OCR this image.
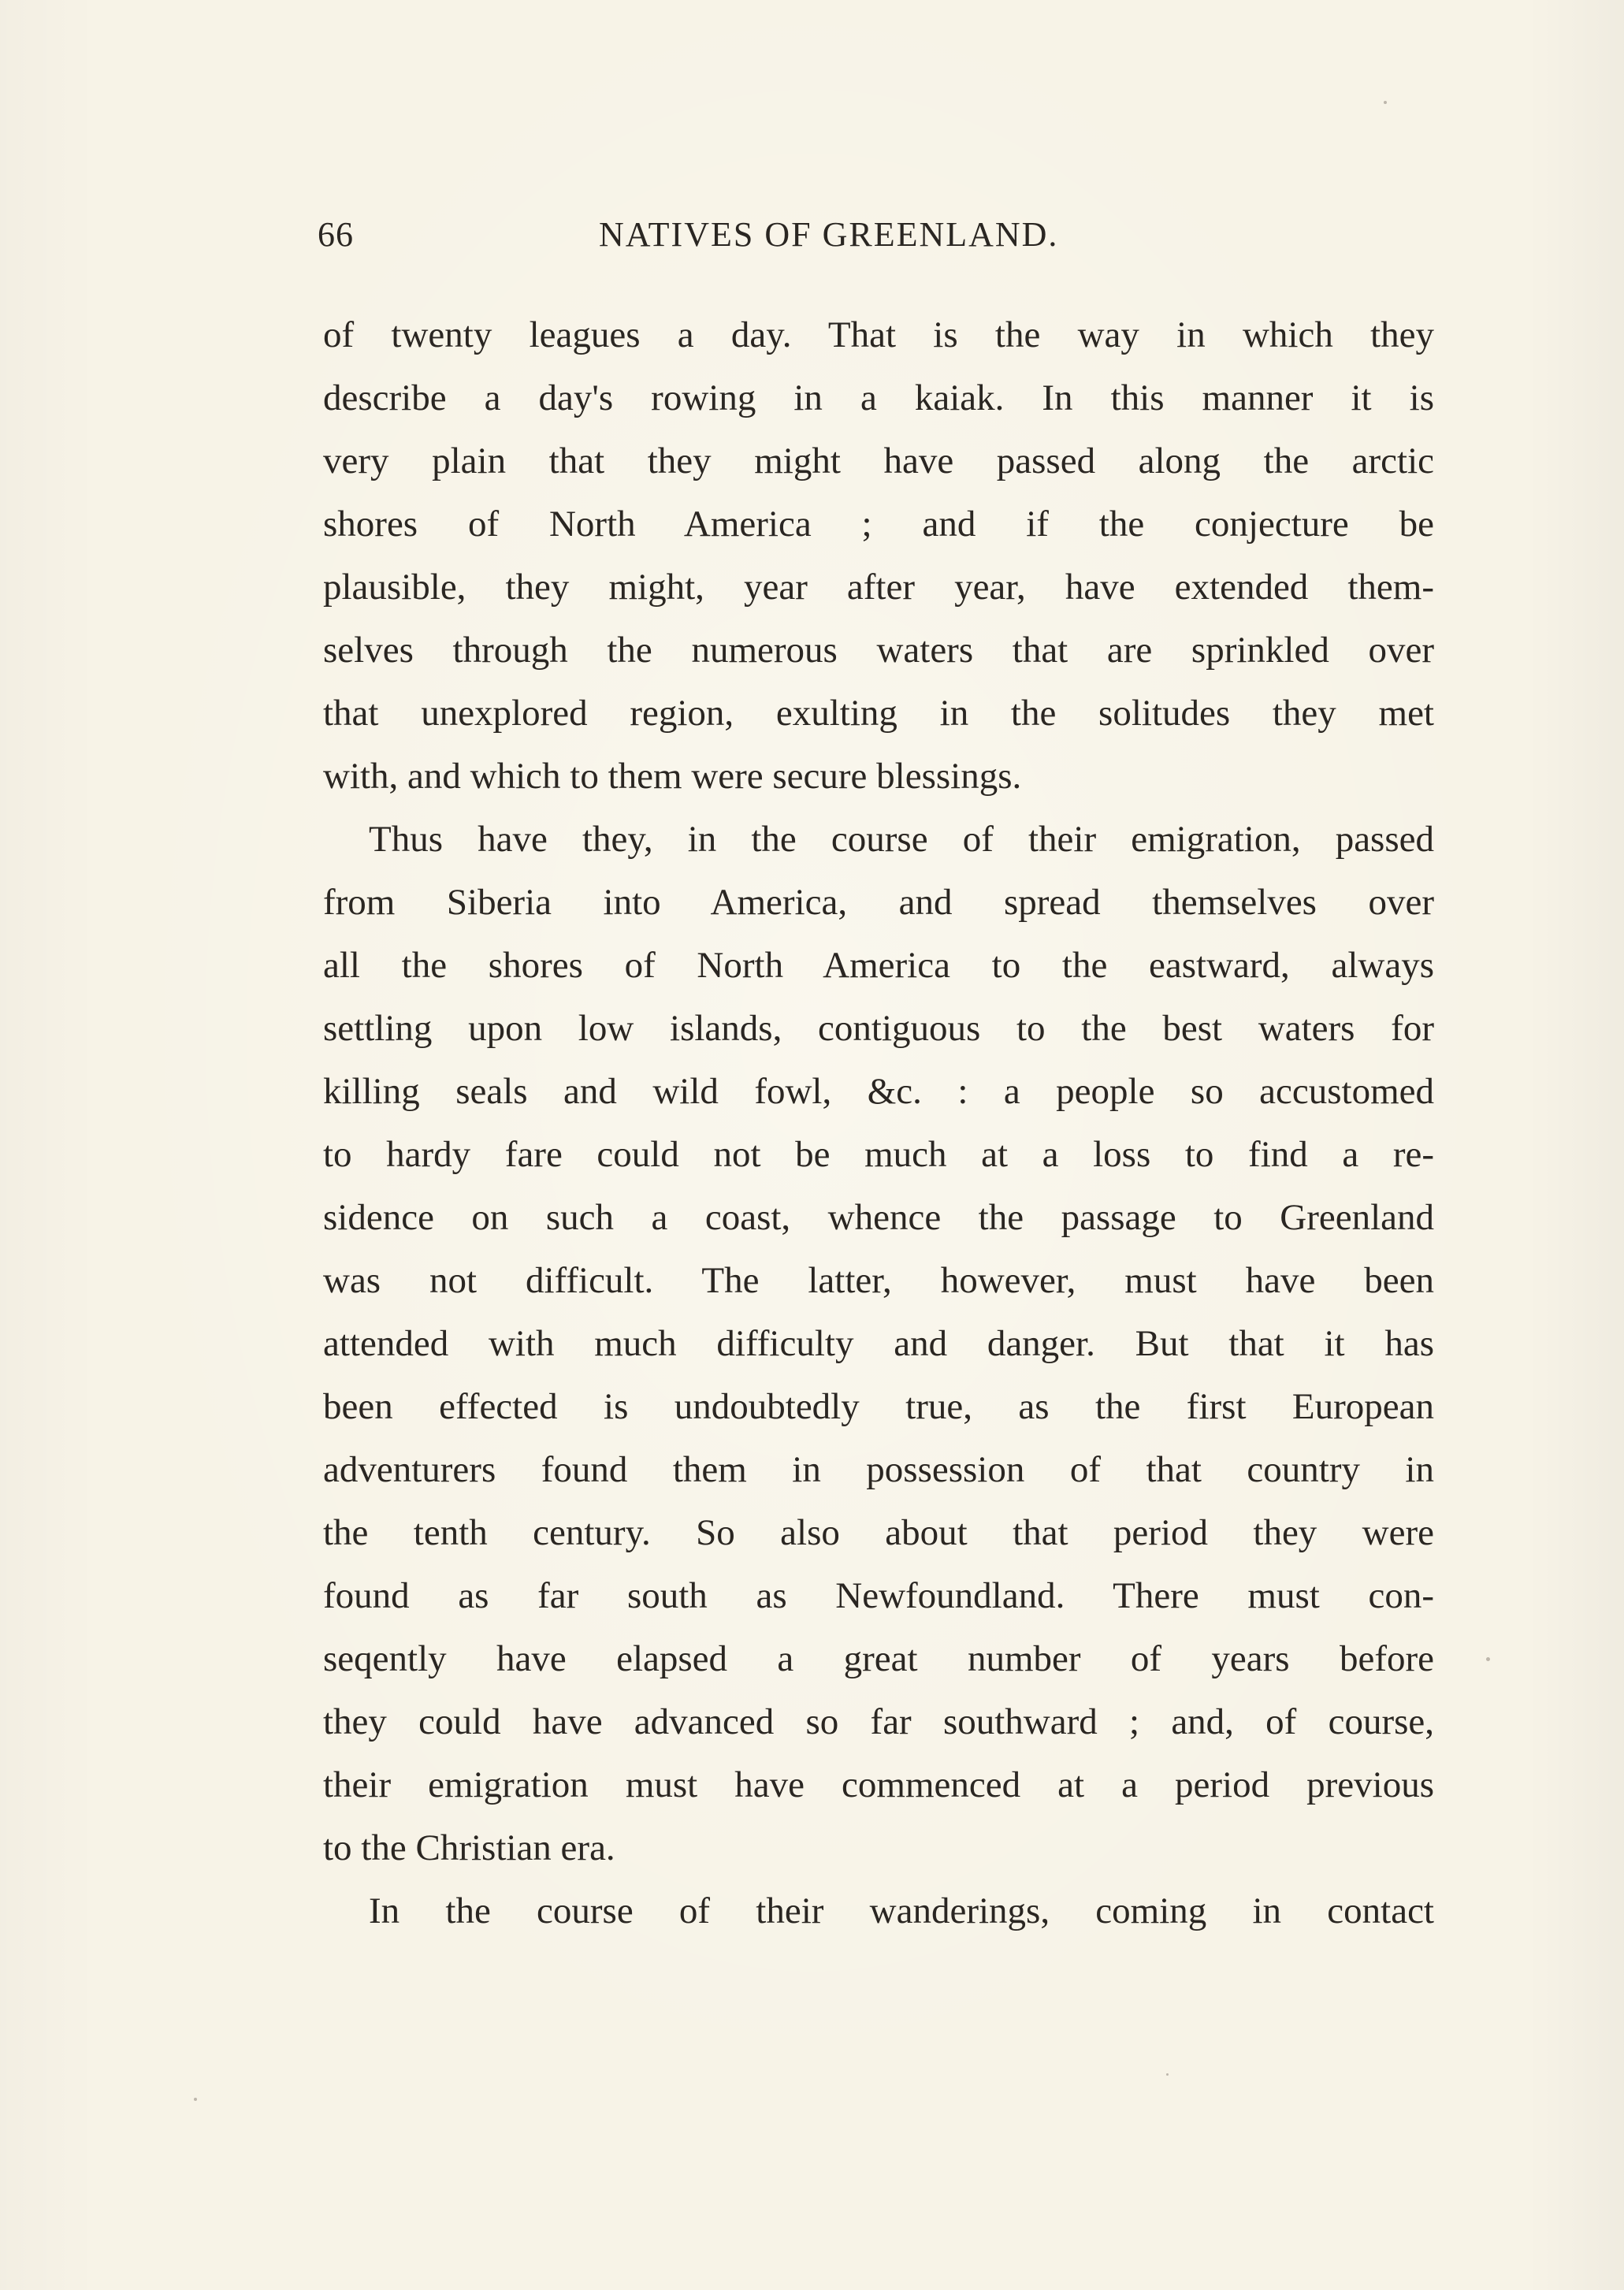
66	NATIVES OF GREENLAND.
of twenty leagues a day. That is the way in which they
describe a day's rowing in a kaiak. In this manner it is
very plain that they might have passed along the arctic
shores of North America ; and if the conjecture be
plausible, they might, year after year, have extended them-
selves through the numerous waters that are sprinkled over
that unexplored region, exulting in the solitudes they met
with, and which to them were secure blessings.
Thus have they, in the course of their emigration, passed
from Siberia into America, and spread themselves over
all the shores of North America to the eastward, always
settling upon low islands, contiguous to the best waters for
killing seals and wild fowl, &c. : a people so accustomed
to hardy fare could not be much at a loss to find a re-
sidence on such a coast, whence the passage to Greenland
was not difficult. The latter, however, must have been
attended with much difficulty and danger. But that it has
been effected is undoubtedly true, as the first European
adventurers found them in possession of that country in
the tenth century. So also about that period they were
found as far south as Newfoundland. There must con-
seqently have elapsed a great number of years before
they could have advanced so far southward ; and, of course,
their emigration must have commenced at a period previous
to the Christian era.
In the course of their wanderings, coming in contact
